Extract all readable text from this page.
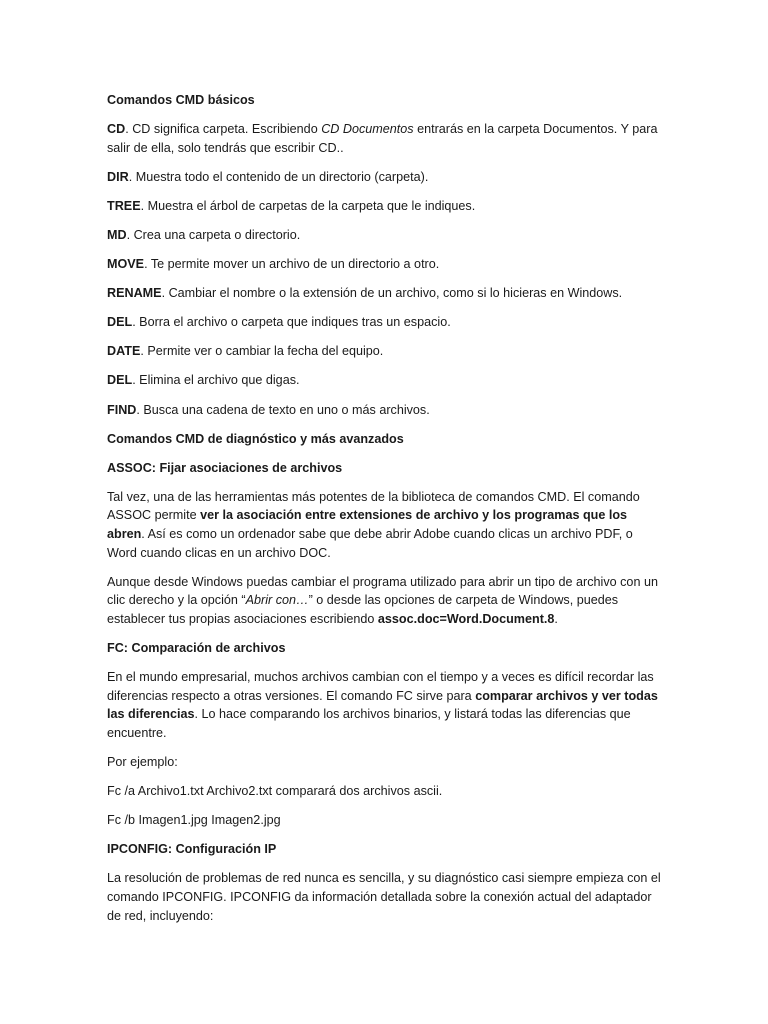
Comandos CMD básicos

CD. CD significa carpeta. Escribiendo CD Documentos entrarás en la carpeta Documentos. Y para salir de ella, solo tendrás que escribir CD..

DIR. Muestra todo el contenido de un directorio (carpeta).

TREE. Muestra el árbol de carpetas de la carpeta que le indiques.

MD. Crea una carpeta o directorio.

MOVE. Te permite mover un archivo de un directorio a otro.

RENAME. Cambiar el nombre o la extensión de un archivo, como si lo hicieras en Windows.

DEL. Borra el archivo o carpeta que indiques tras un espacio.

DATE. Permite ver o cambiar la fecha del equipo.

DEL. Elimina el archivo que digas.

FIND. Busca una cadena de texto en uno o más archivos.

Comandos CMD de diagnóstico y más avanzados

ASSOC: Fijar asociaciones de archivos

Tal vez, una de las herramientas más potentes de la biblioteca de comandos CMD. El comando ASSOC permite ver la asociación entre extensiones de archivo y los programas que los abren. Así es como un ordenador sabe que debe abrir Adobe cuando clicas un archivo PDF, o Word cuando clicas en un archivo DOC.

Aunque desde Windows puedas cambiar el programa utilizado para abrir un tipo de archivo con un clic derecho y la opción “Abrir con…” o desde las opciones de carpeta de Windows, puedes establecer tus propias asociaciones escribiendo assoc.doc=Word.Document.8.

FC: Comparación de archivos

En el mundo empresarial, muchos archivos cambian con el tiempo y a veces es difícil recordar las diferencias respecto a otras versiones. El comando FC sirve para comparar archivos y ver todas las diferencias. Lo hace comparando los archivos binarios, y listará todas las diferencias que encuentre.

Por ejemplo:

Fc /a Archivo1.txt Archivo2.txt comparará dos archivos ascii.

Fc /b Imagen1.jpg Imagen2.jpg

IPCONFIG: Configuración IP

La resolución de problemas de red nunca es sencilla, y su diagnóstico casi siempre empieza con el comando IPCONFIG. IPCONFIG da información detallada sobre la conexión actual del adaptador de red, incluyendo:
